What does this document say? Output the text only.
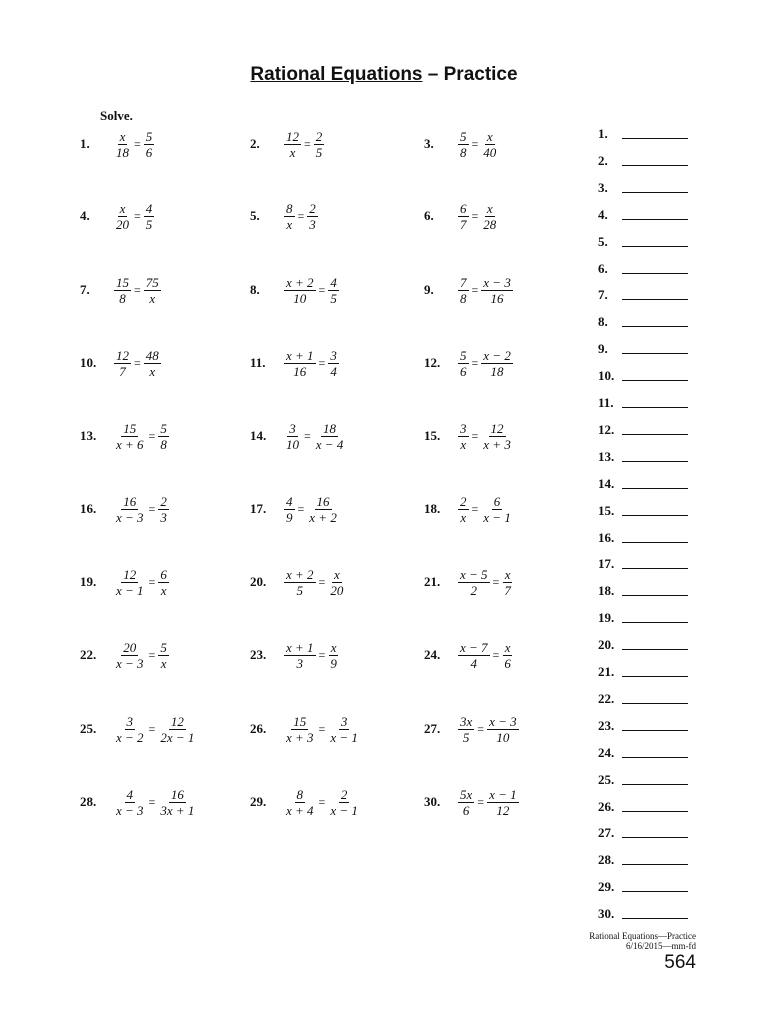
Rational Equations – Practice
Solve.
1.	$\frac{x}{18} = \frac{5}{6}$	2.	$\frac{12}{x} = \frac{2}{5}$	3.	$\frac{5}{8} = \frac{x}{40}$
4.	$\frac{x}{20} = \frac{4}{5}$	5.	$\frac{8}{x} = \frac{2}{3}$	6.	$\frac{6}{7} = \frac{x}{28}$
7.	$\frac{15}{8} = \frac{75}{x}$	8.	$\frac{x + 2}{10} = \frac{4}{5}$	9.	$\frac{7}{8} = \frac{x - 3}{16}$
10.	$\frac{12}{7} = \frac{48}{x}$	11.	$\frac{x + 1}{16} = \frac{3}{4}$	12.	$\frac{5}{6} = \frac{x - 2}{18}$
13.	$\frac{15}{x + 6} = \frac{5}{8}$	14.	$\frac{3}{10} = \frac{18}{x - 4}$	15.	$\frac{3}{x} = \frac{12}{x + 3}$
16.	$\frac{16}{x - 3} = \frac{2}{3}$	17.	$\frac{4}{9} = \frac{16}{x + 2}$	18.	$\frac{2}{x} = \frac{6}{x - 1}$
19.	$\frac{12}{x - 1} = \frac{6}{x}$	20.	$\frac{x + 2}{5} = \frac{x}{20}$	21.	$\frac{x - 5}{2} = \frac{x}{7}$
22.	$\frac{20}{x - 3} = \frac{5}{x}$	23.	$\frac{x + 1}{3} = \frac{x}{9}$	24.	$\frac{x - 7}{4} = \frac{x}{6}$
25.	$\frac{3}{x - 2} = \frac{12}{2x - 1}$	26.	$\frac{15}{x + 3} = \frac{3}{x - 1}$	27.	$\frac{3x}{5} = \frac{x - 3}{10}$
28.	$\frac{4}{x - 3} = \frac{16}{3x + 1}$	29.	$\frac{8}{x + 4} = \frac{2}{x - 1}$	30.	$\frac{5x}{6} = \frac{x - 1}{12}$
1.
2.
3.
4.
5.
6.
7.
8.
9.
10.
11.
12.
13.
14.
15.
16.
17.
18.
19.
20.
21.
22.
23.
24.
25.
26.
27.
28.
29.
30.
Rational Equations—Practice
6/16/2015—mm-fd
564
